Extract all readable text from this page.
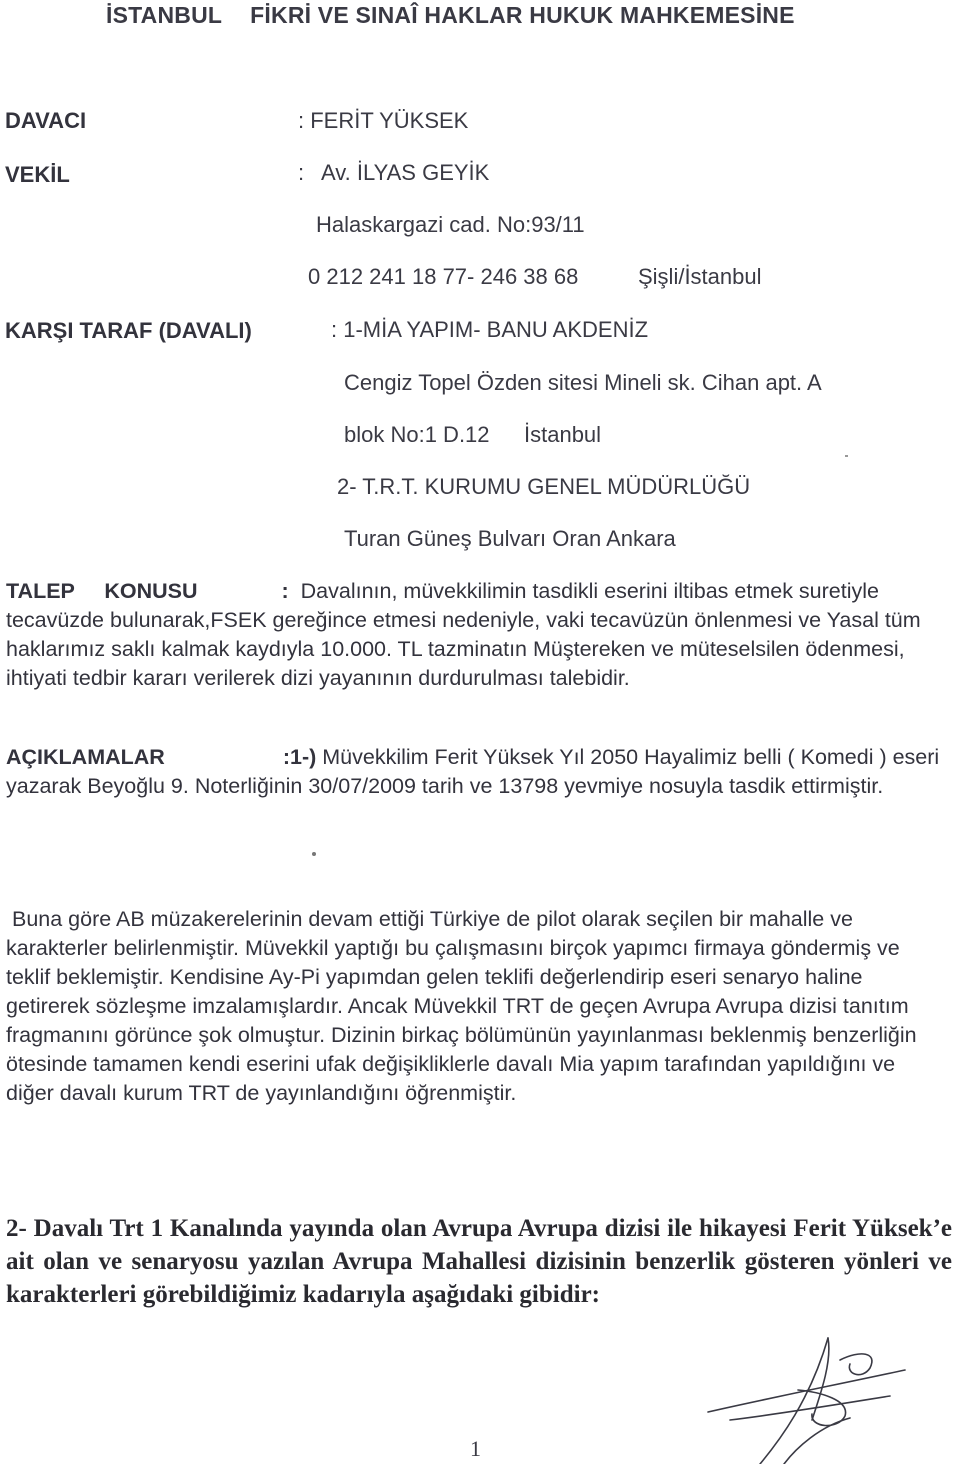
İSTANBUL FİKRİ VE SINAÎ HAKLAR HUKUK MAHKEMESİNE
DAVACI	: FERİT YÜKSEK
VEKİL	: Av. İLYAS GEYİK
Halaskargazi cad. No:93/11
0 212 241 18 77- 246 38 68	Şişli/İstanbul
KARŞI TARAF (DAVALI)	: 1-MİA YAPIM- BANU AKDENİZ
Cengiz Topel Özden sitesi Mineli sk. Cihan apt. A
blok No:1 D.12 İstanbul
2- T.R.T. KURUMU GENEL MÜDÜRLÜĞÜ
Turan Güneş Bulvarı Oran Ankara
TALEP     KONUSU	: Davalının, müvekkilimin tasdikli eserini iltibas etmek suretiyle tecavüzde bulunarak,FSEK gereğince etmesi nedeniyle, vaki tecavüzün önlenmesi ve Yasal tüm haklarımız saklı kalmak kaydıyla 10.000. TL tazminatın Müştereken ve müteselsilen ödenmesi, ihtiyati tedbir kararı verilerek dizi yayanının durdurulması talebidir.
AÇIKLAMALAR	:1-) Müvekkilim Ferit Yüksek Yıl 2050 Hayalimiz belli ( Komedi ) eseri yazarak Beyoğlu 9. Noterliğinin 30/07/2009 tarih ve 13798 yevmiye nosuyla tasdik ettirmiştir.
Buna göre AB müzakerelerinin devam ettiği Türkiye de pilot olarak seçilen bir mahalle ve karakterler belirlenmiştir. Müvekkil yaptığı bu çalışmasını birçok yapımcı firmaya göndermiş ve teklif beklemiştir. Kendisine Ay-Pi yapımdan gelen teklifi değerlendirip eseri senaryo haline getirerek sözleşme imzalamışlardır. Ancak Müvekkil TRT de geçen Avrupa Avrupa dizisi tanıtım fragmanını görünce şok olmuştur. Dizinin birkaç bölümünün yayınlanması beklenmiş benzerliğin ötesinde tamamen kendi eserini ufak değişikliklerle davalı Mia yapım tarafından yapıldığını ve diğer davalı kurum TRT de yayınlandığını öğrenmiştir.
2- Davalı Trt 1 Kanalında yayında olan Avrupa Avrupa dizisi ile hikayesi Ferit Yüksek’e ait olan ve senaryosu yazılan Avrupa Mahallesi dizisinin benzerlik gösteren yönleri ve karakterleri görebildiğimiz kadarıyla aşağıdaki gibidir:
1
